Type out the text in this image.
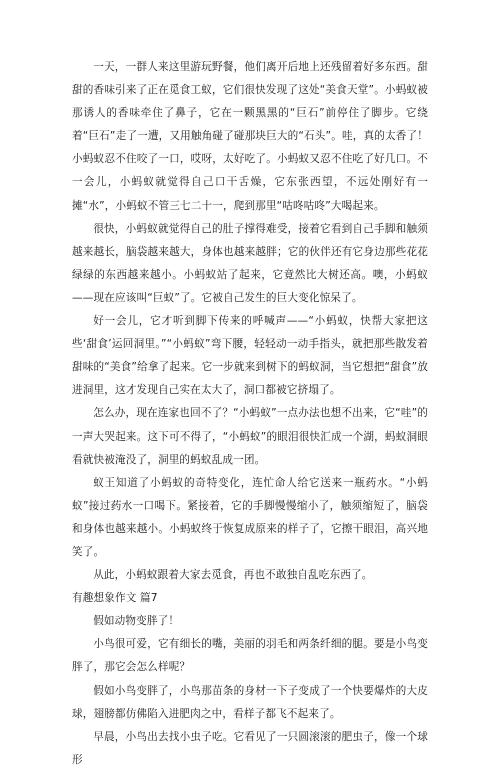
一天，一群人来这里游玩野餐，他们离开后地上还残留着好多东西。甜甜的香味引来了正在觅食工蚁，它们很快发现了这处“美食天堂”。小蚂蚁被那诱人的香味牵住了鼻子，它在一颗黑黑的“巨石”前停住了脚步。它绕着“巨石”走了一遭，又用触角碰了碰那块巨大的“石头”。哇，真的太香了！小蚂蚁忍不住咬了一口，哎呀，太好吃了。小蚂蚁又忍不住吃了好几口。不一会儿，小蚂蚁就觉得自己口干舌燥，它东张西望，不远处刚好有一摊“水”，小蚂蚁不管三七二十一，爬到那里“咕咚咕咚”大喝起来。

很快，小蚂蚁就觉得自己的肚子撑得难受，接着它看到自己手脚和触须越来越长，脑袋越来越大，身体也越来越胖；它的伙伴还有它身边那些花花绿绿的东西越来越小。小蚂蚁站了起来，它竟然比大树还高。噢，小蚂蚁——现在应该叫“巨蚁”了。它被自己发生的巨大变化惊呆了。

好一会儿，它才听到脚下传来的呼喊声——“小蚂蚁，快帮大家把这些‘甜食’运回洞里。”“小蚂蚁”弯下腰，轻轻动一动手指头，就把那些散发着甜味的“美食”给拿了起来。它一步就来到树下的蚂蚁洞，当它想把“甜食”放进洞里，这才发现自己实在太大了，洞口都被它挤塌了。

怎么办，现在连家也回不了？“小蚂蚁”一点办法也想不出来，它“哇”的一声大哭起来。这下可不得了，“小蚂蚁”的眼泪很快汇成一个湖，蚂蚁洞眼看就快被淹没了，洞里的蚂蚁乱成一团。

蚁王知道了小蚂蚁的奇特变化，连忙命人给它送来一瓶药水。“小蚂蚁”接过药水一口喝下。紧接着，它的手脚慢慢缩小了，触须缩短了，脑袋和身体也越来越小。小蚂蚁终于恢复成原来的样子了，它擦干眼泪，高兴地笑了。

从此，小蚂蚁跟着大家去觅食，再也不敢独自乱吃东西了。

有趣想象作文 篇7

假如动物变胖了！

小鸟很可爱，它有细长的嘴，美丽的羽毛和两条纤细的腿。要是小鸟变胖了，那它会怎么样呢？

假如小鸟变胖了，小鸟那苗条的身材一下子变成了一个快要爆炸的大皮球，翅膀都仿佛陷入进肥肉之中，看样子都飞不起来了。

早晨，小鸟出去找小虫子吃。它看见了一只圆滚滚的肥虫子，像一个球形
